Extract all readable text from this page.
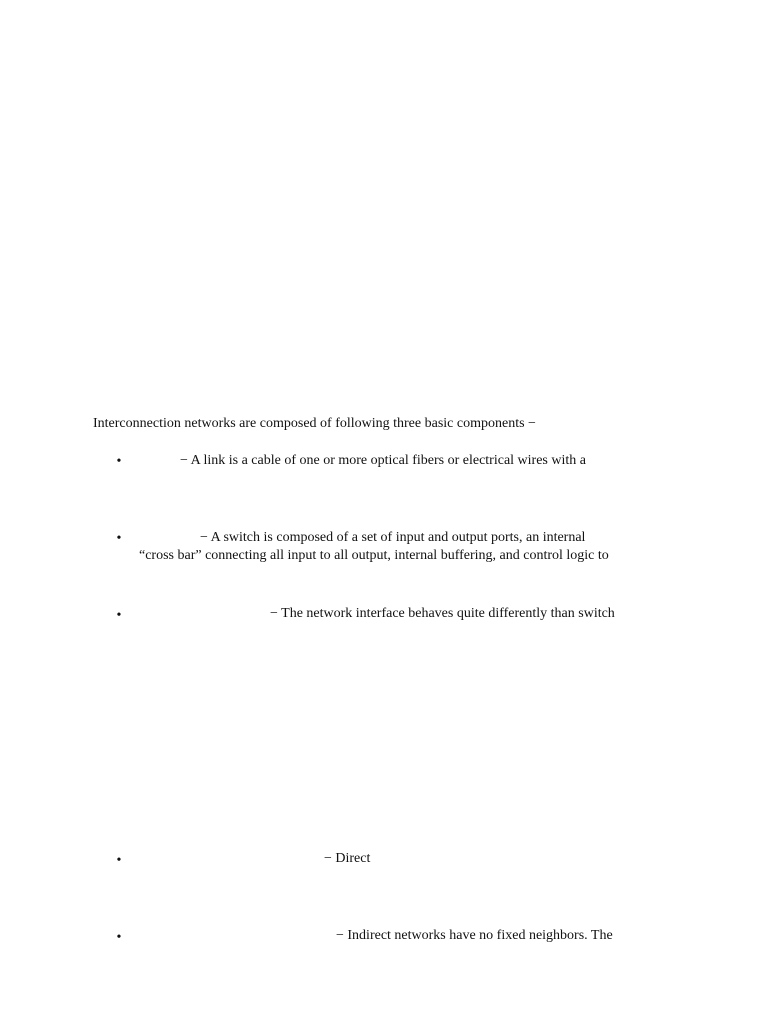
Interconnection networks are composed of following three basic components −
•	− A link is a cable of one or more optical fibers or electrical wires with a
•	− A switch is composed of a set of input and output ports, an internal
“cross bar” connecting all input to all output, internal buffering, and control logic to
•	− The network interface behaves quite differently than switch
•	− Direct
•	− Indirect networks have no fixed neighbors. The
